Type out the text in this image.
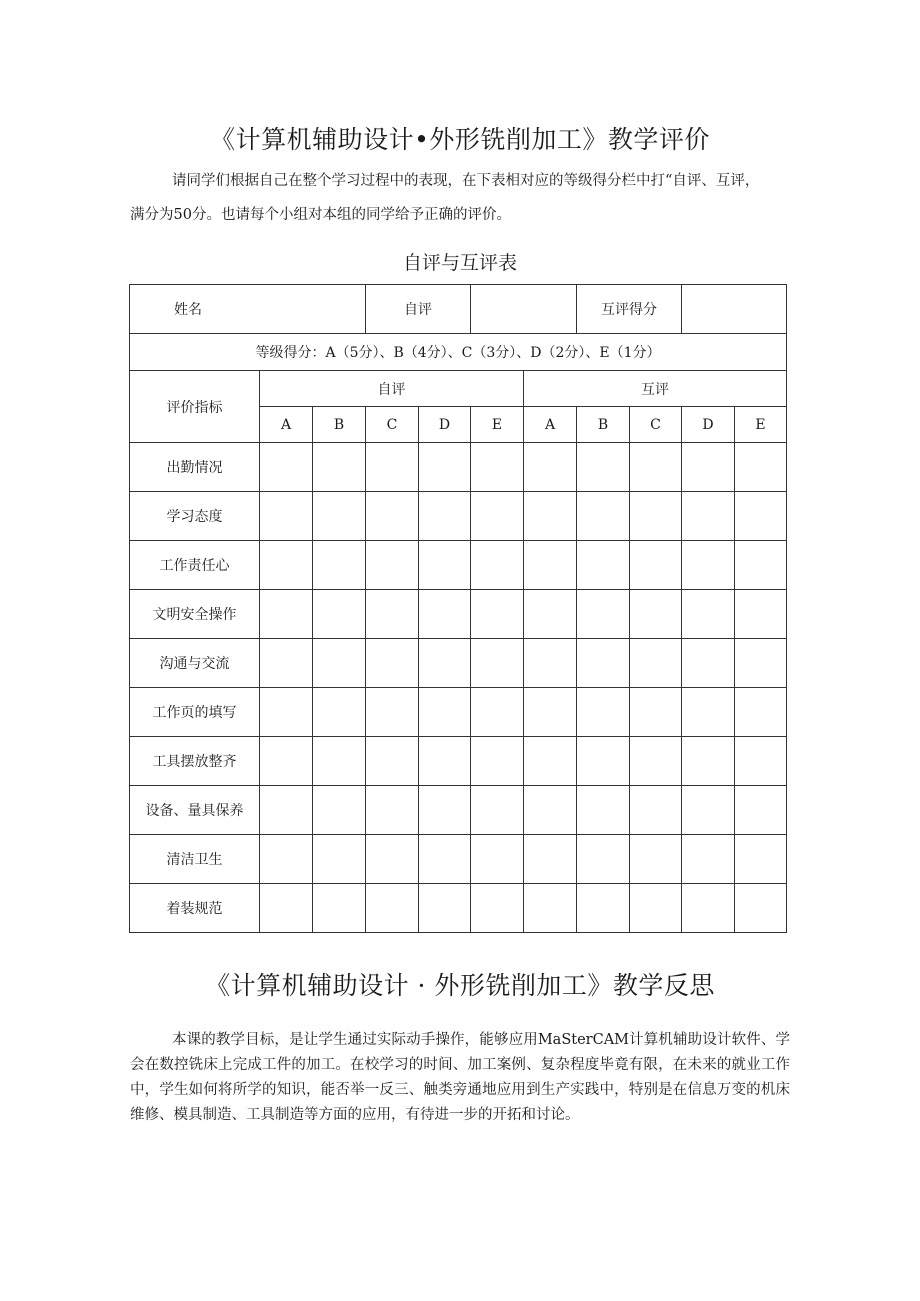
《计算机辅助设计•外形铣削加工》教学评价
请同学们根据自己在整个学习过程中的表现，在下表相对应的等级得分栏中打“自评、互评，
满分为50分。也请每个小组对本组的同学给予正确的评价。
自评与互评表
姓名			自评				互评得分			
等级得分：A（5分）、B（4分）、C（3分）、D（2分）、E（1分）										
评价指标	自评					互评				
	A	B	C	D	E	A	B	C	D	E
出勤情况										
学习态度										
工作责任心										
文明安全操作										
沟通与交流										
工作页的填写										
工具摆放整齐										
设备、量具保养										
清洁卫生										
着装规范										
《计算机辅助设计 · 外形铣削加工》教学反思
本课的教学目标，是让学生通过实际动手操作，能够应用MaSterCAM计算机辅助设计软件、学会在数控铣床上完成工件的加工。在校学习的时间、加工案例、复杂程度毕竟有限，在未来的就业工作中，学生如何将所学的知识，能否举一反三、触类旁通地应用到生产实践中，特别是在信息万变的机床维修、模具制造、工具制造等方面的应用，有待进一步的开拓和讨论。
